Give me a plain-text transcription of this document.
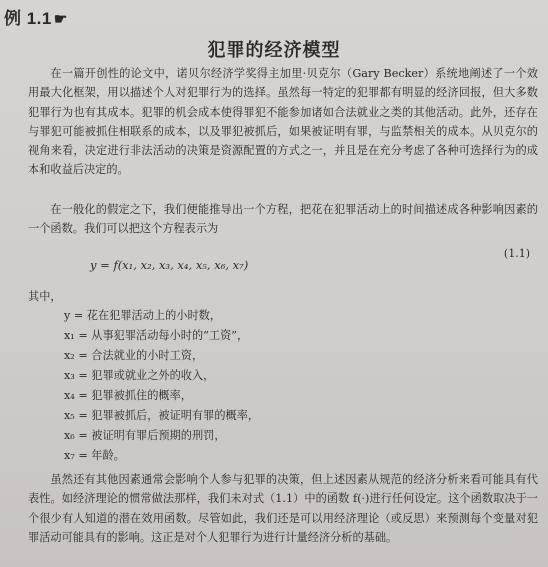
例 1.1 ☛
犯罪的经济模型
在一篇开创性的论文中，诺贝尔经济学奖得主加里·贝克尔（Gary Becker）系统地阐述了一个效用最大化框架，用以描述个人对犯罪行为的选择。虽然每一特定的犯罪都有明显的经济回报，但大多数犯罪行为也有其成本。犯罪的机会成本使得罪犯不能参加诸如合法就业之类的其他活动。此外，还存在与罪犯可能被抓住相联系的成本，以及罪犯被抓后，如果被证明有罪，与监禁相关的成本。从贝克尔的视角来看，决定进行非法活动的决策是资源配置的方式之一，并且是在充分考虑了各种可选择行为的成本和收益后决定的。
在一般化的假定之下，我们便能推导出一个方程，把花在犯罪活动上的时间描述成各种影响因素的一个函数。我们可以把这个方程表示为
y = f(x₁, x₂, x₃, x₄, x₅, x₆, x₇)
(1.1)
其中，
y = 花在犯罪活动上的小时数，
x₁ = 从事犯罪活动每小时的“工资”，
x₂ = 合法就业的小时工资，
x₃ = 犯罪或就业之外的收入，
x₄ = 犯罪被抓住的概率，
x₅ = 犯罪被抓后，被证明有罪的概率，
x₆ = 被证明有罪后预期的刑罚，
x₇ = 年龄。
虽然还有其他因素通常会影响个人参与犯罪的决策，但上述因素从规范的经济分析来看可能具有代表性。如经济理论的惯常做法那样，我们未对式（1.1）中的函数 f(·)进行任何设定。这个函数取决于一个很少有人知道的潜在效用函数。尽管如此，我们还是可以用经济理论（或反思）来预测每个变量对犯罪活动可能具有的影响。这正是对个人犯罪行为进行计量经济分析的基础。
